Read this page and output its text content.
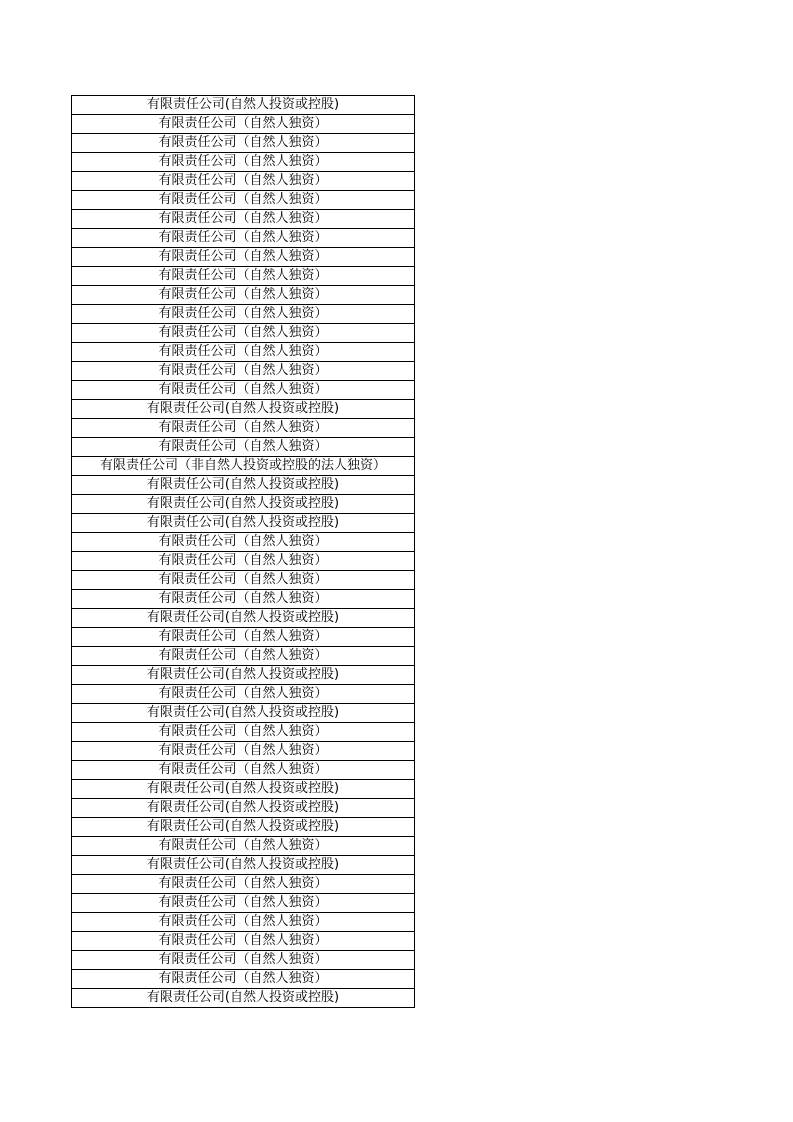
有限责任公司(自然人投资或控股)
有限责任公司（自然人独资）
有限责任公司（自然人独资）
有限责任公司（自然人独资）
有限责任公司（自然人独资）
有限责任公司（自然人独资）
有限责任公司（自然人独资）
有限责任公司（自然人独资）
有限责任公司（自然人独资）
有限责任公司（自然人独资）
有限责任公司（自然人独资）
有限责任公司（自然人独资）
有限责任公司（自然人独资）
有限责任公司（自然人独资）
有限责任公司（自然人独资）
有限责任公司（自然人独资）
有限责任公司(自然人投资或控股)
有限责任公司（自然人独资）
有限责任公司（自然人独资）
有限责任公司（非自然人投资或控股的法人独资）
有限责任公司(自然人投资或控股)
有限责任公司(自然人投资或控股)
有限责任公司(自然人投资或控股)
有限责任公司（自然人独资）
有限责任公司（自然人独资）
有限责任公司（自然人独资）
有限责任公司（自然人独资）
有限责任公司(自然人投资或控股)
有限责任公司（自然人独资）
有限责任公司（自然人独资）
有限责任公司(自然人投资或控股)
有限责任公司（自然人独资）
有限责任公司(自然人投资或控股)
有限责任公司（自然人独资）
有限责任公司（自然人独资）
有限责任公司（自然人独资）
有限责任公司(自然人投资或控股)
有限责任公司(自然人投资或控股)
有限责任公司(自然人投资或控股)
有限责任公司（自然人独资）
有限责任公司(自然人投资或控股)
有限责任公司（自然人独资）
有限责任公司（自然人独资）
有限责任公司（自然人独资）
有限责任公司（自然人独资）
有限责任公司（自然人独资）
有限责任公司（自然人独资）
有限责任公司(自然人投资或控股)
